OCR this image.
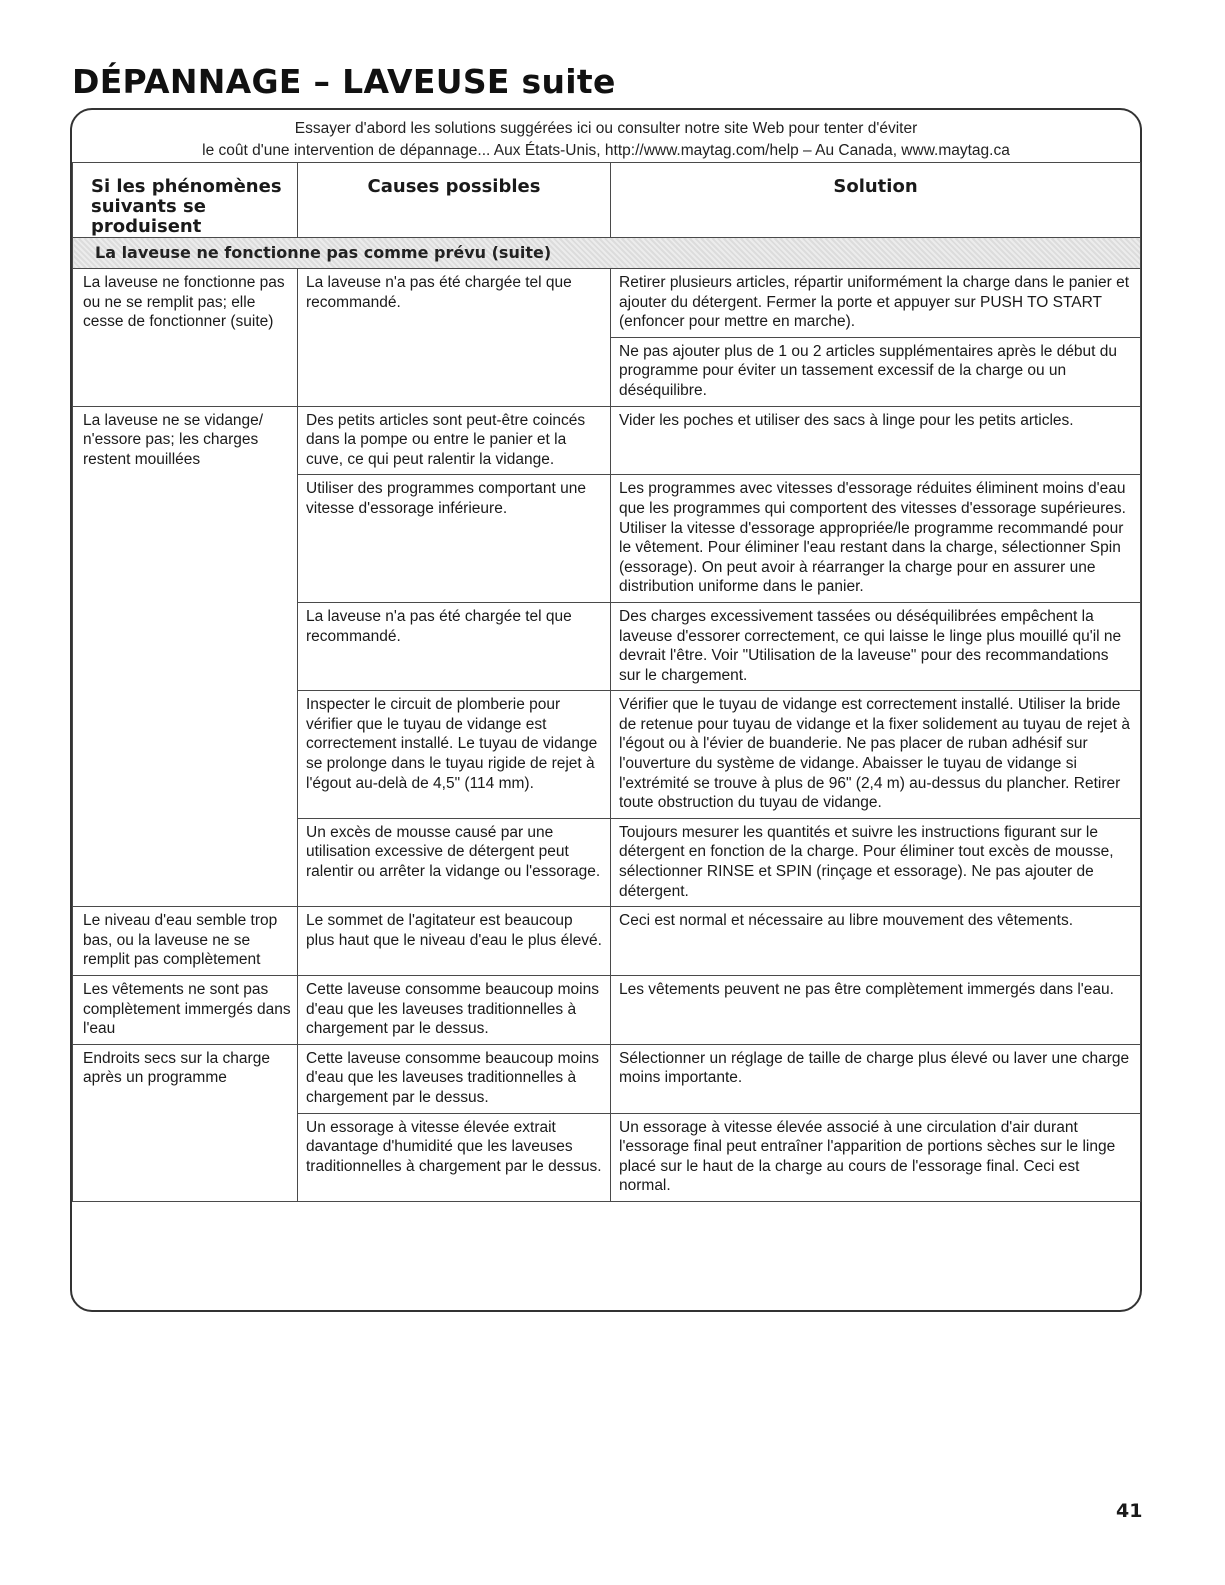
DÉPANNAGE – LAVEUSE suite
Essayer d'abord les solutions suggérées ici ou consulter notre site Web pour tenter d'éviter
le coût d'une intervention de dépannage... Aux États-Unis, http://www.maytag.com/help – Au Canada, www.maytag.ca
Si les phénomènes
suivants se produisent	Causes possibles	Solution
La laveuse ne fonctionne pas comme prévu (suite)		
La laveuse ne fonctionne pas ou ne se remplit pas; elle cesse de fonctionner (suite)	La laveuse n'a pas été chargée tel que recommandé.	Retirer plusieurs articles, répartir uniformément la charge dans le panier et ajouter du détergent. Fermer la porte et appuyer sur PUSH TO START (enfoncer pour mettre en marche).
		Ne pas ajouter plus de 1 ou 2 articles supplémentaires après le début du programme pour éviter un tassement excessif de la charge ou un déséquilibre.
La laveuse ne se vidange/ n'essore pas; les charges restent mouillées	Des petits articles sont peut-être coincés dans la pompe ou entre le panier et la cuve, ce qui peut ralentir la vidange.	Vider les poches et utiliser des sacs à linge pour les petits articles.
	Utiliser des programmes comportant une vitesse d'essorage inférieure.	Les programmes avec vitesses d'essorage réduites éliminent moins d'eau que les programmes qui comportent des vitesses d'essorage supérieures. Utiliser la vitesse d'essorage appropriée/le programme recommandé pour le vêtement. Pour éliminer l'eau restant dans la charge, sélectionner Spin (essorage). On peut avoir à réarranger la charge pour en assurer une distribution uniforme dans le panier.
	La laveuse n'a pas été chargée tel que recommandé.	Des charges excessivement tassées ou déséquilibrées empêchent la laveuse d'essorer correctement, ce qui laisse le linge plus mouillé qu'il ne devrait l'être. Voir "Utilisation de la laveuse" pour des recommandations sur le chargement.
	Inspecter le circuit de plomberie pour vérifier que le tuyau de vidange est correctement installé. Le tuyau de vidange se prolonge dans le tuyau rigide de rejet à l'égout au-delà de 4,5" (114 mm).	Vérifier que le tuyau de vidange est correctement installé. Utiliser la bride de retenue pour tuyau de vidange et la fixer solidement au tuyau de rejet à l'égout ou à l'évier de buanderie. Ne pas placer de ruban adhésif sur l'ouverture du système de vidange. Abaisser le tuyau de vidange si l'extrémité se trouve à plus de 96" (2,4 m) au-dessus du plancher. Retirer toute obstruction du tuyau de vidange.
	Un excès de mousse causé par une utilisation excessive de détergent peut ralentir ou arrêter la vidange ou l'essorage.	Toujours mesurer les quantités et suivre les instructions figurant sur le détergent en fonction de la charge. Pour éliminer tout excès de mousse, sélectionner RINSE et SPIN (rinçage et essorage). Ne pas ajouter de détergent.
Le niveau d'eau semble trop bas, ou la laveuse ne se remplit pas complètement	Le sommet de l'agitateur est beaucoup plus haut que le niveau d'eau le plus élevé.	Ceci est normal et nécessaire au libre mouvement des vêtements.
Les vêtements ne sont pas complètement immergés dans l'eau	Cette laveuse consomme beaucoup moins d'eau que les laveuses traditionnelles à chargement par le dessus.	Les vêtements peuvent ne pas être complètement immergés dans l'eau.
Endroits secs sur la charge après un programme	Cette laveuse consomme beaucoup moins d'eau que les laveuses traditionnelles à chargement par le dessus.	Sélectionner un réglage de taille de charge plus élevé ou laver une charge moins importante.
	Un essorage à vitesse élevée extrait davantage d'humidité que les laveuses traditionnelles à chargement par le dessus.	Un essorage à vitesse élevée associé à une circulation d'air durant l'essorage final peut entraîner l'apparition de portions sèches sur le linge placé sur le haut de la charge au cours de l'essorage final. Ceci est normal.
41
